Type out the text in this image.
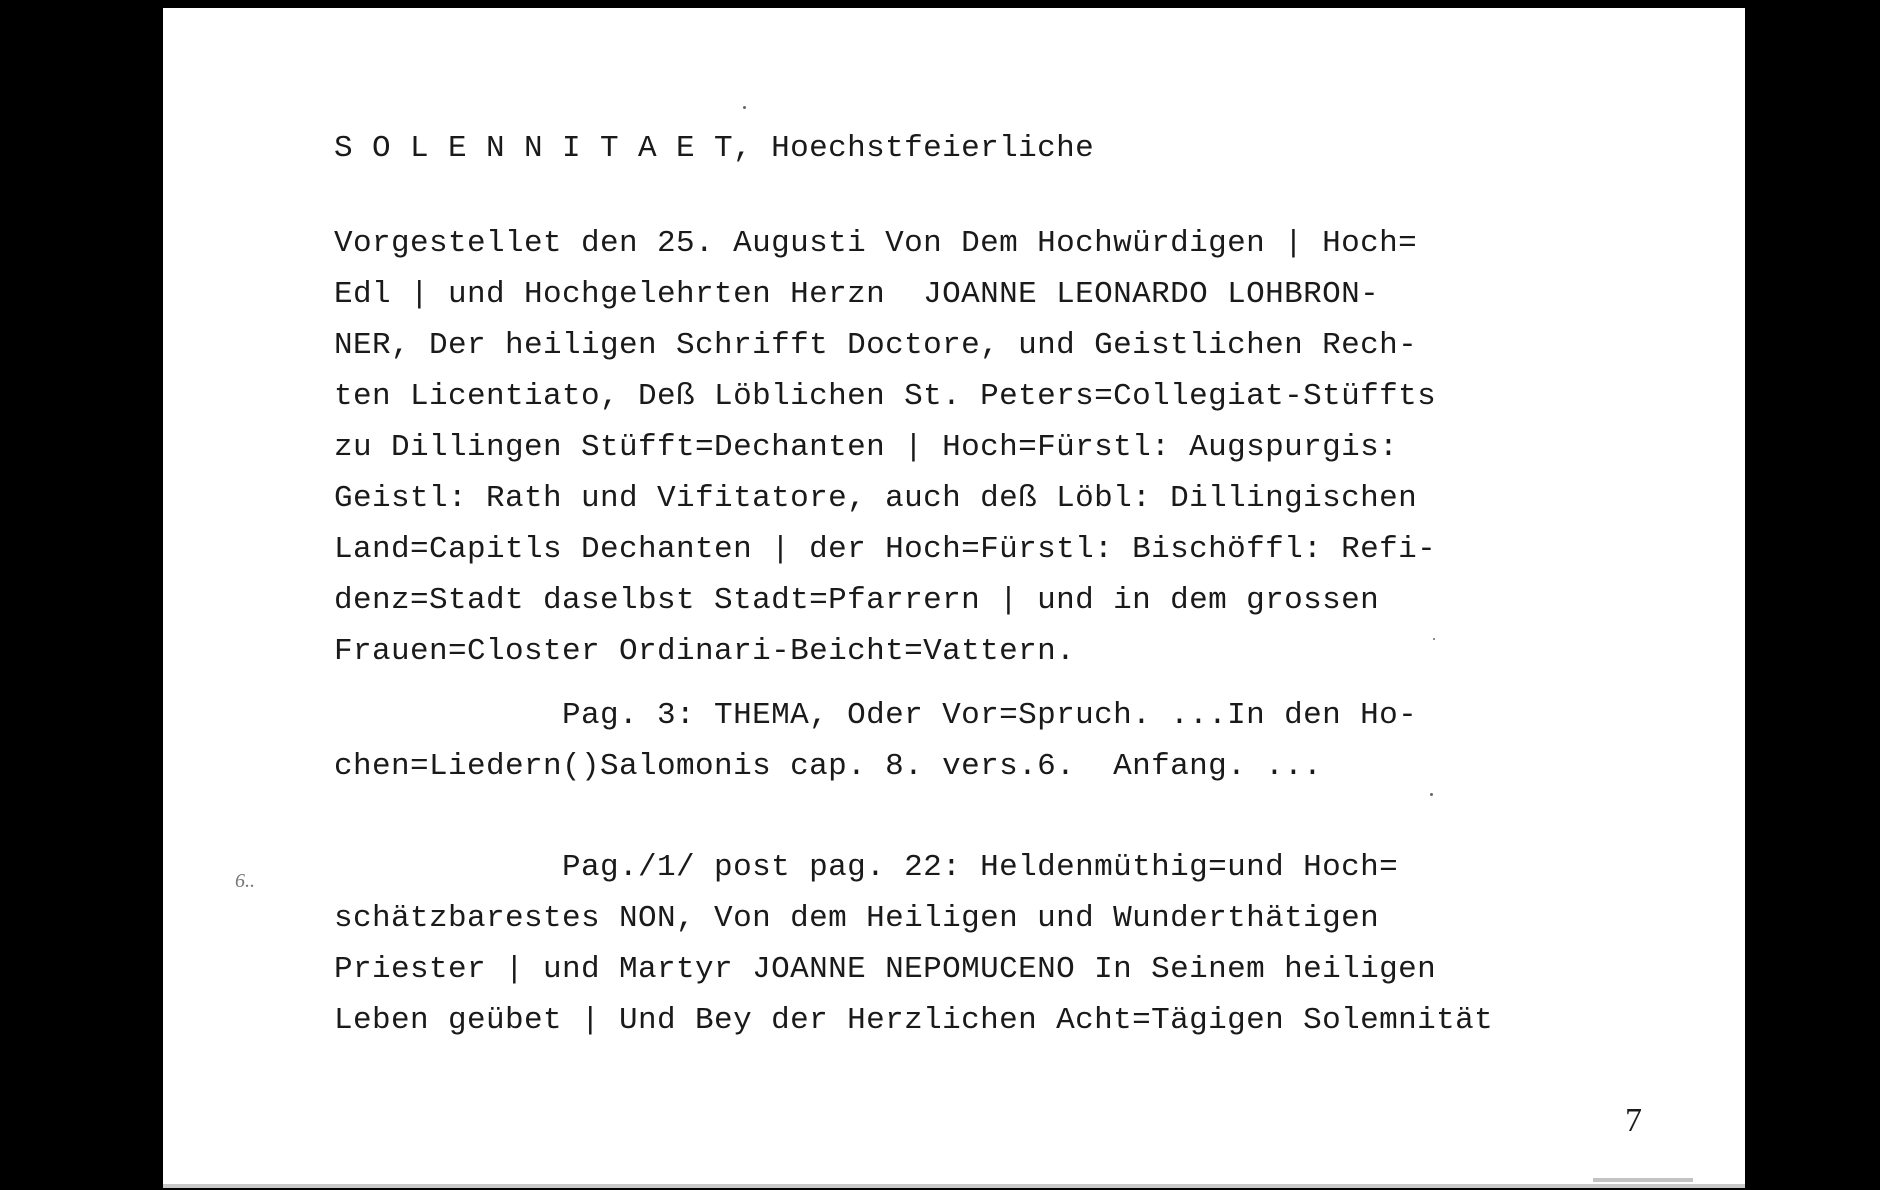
S O L E N N I T A E T, Hoechstfeierliche
Vorgestellet den 25. Augusti Von Dem Hochwürdigen | Hoch=
Edl | und Hochgelehrten Herzn  JOANNE LEONARDO LOHBRON-
NER, Der heiligen Schrifft Doctore, und Geistlichen Rech-
ten Licentiato, Deß Löblichen St. Peters=Collegiat-Stüffts
zu Dillingen Stüfft=Dechanten | Hoch=Fürstl: Augspurgis:
Geistl: Rath und Vifitatore, auch deß Löbl: Dillingischen
Land=Capitls Dechanten | der Hoch=Fürstl: Bischöffl: Refi-
denz=Stadt daselbst Stadt=Pfarrern | und in dem grossen
Frauen=Closter Ordinari-Beicht=Vattern.
Pag. 3: THEMA, Oder Vor=Spruch. ...In den Ho-
chen=Liedern()Salomonis cap. 8. vers.6.  Anfang. ...
6..	Pag./1/ post pag. 22: Heldenmüthig=und Hoch=
schätzbarestes NON, Von dem Heiligen und Wunderthätigen
Priester | und Martyr JOANNE NEPOMUCENO In Seinem heiligen
Leben geübet | Und Bey der Herzlichen Acht=Tägigen Solemnität
7
